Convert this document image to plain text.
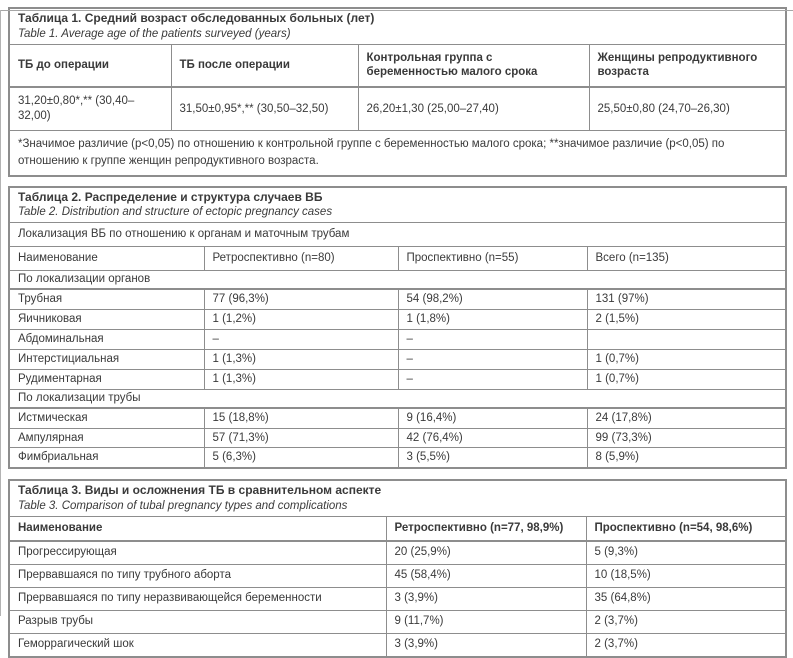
Таблица 1. Средний возраст обследованных больных (лет)
Table 1. Average age of the patients surveyed (years)			

ТБ до операции	ТБ после операции	Контрольная группа с беременностью малого срока	Женщины репродуктивного возраста
31,20±0,80*,** (30,40–32,00)	31,50±0,95*,** (30,50–32,50)	26,20±1,30 (25,00–27,40)	25,50±0,80 (24,70–26,30)
*Значимое различие (p<0,05) по отношению к контрольной группе с беременностью малого срока; **значимое различие (p<0,05) по отношению к группе женщин репродуктивного возраста.			
Таблица 2. Распределение и структура случаев ВБ
Table 2. Distribution and structure of ectopic pregnancy cases			

Локализация ВБ по отношению к органам и маточным трубам			
Наименование	Ретроспективно (n=80)	Проспективно (n=55)	Всего (n=135)
По локализации органов			
Трубная	77 (96,3%)	54 (98,2%)	131 (97%)
Яичниковая	1 (1,2%)	1 (1,8%)	2 (1,5%)
Абдоминальная	–	–	
Интерстициальная	1 (1,3%)	–	1 (0,7%)
Рудиментарная	1 (1,3%)	–	1 (0,7%)
По локализации трубы			
Истмическая	15 (18,8%)	9 (16,4%)	24 (17,8%)
Ампулярная	57 (71,3%)	42 (76,4%)	99 (73,3%)
Фимбриальная	5 (6,3%)	3 (5,5%)	8 (5,9%)
Таблица 3. Виды и осложнения ТБ в сравнительном аспекте
Table 3. Comparison of tubal pregnancy types and complications		

Наименование	Ретроспективно (n=77, 98,9%)	Проспективно (n=54, 98,6%)
Прогрессирующая	20 (25,9%)	5 (9,3%)
Прервавшаяся по типу трубного аборта	45 (58,4%)	10 (18,5%)
Прервавшаяся по типу неразвивающейся беременности	3 (3,9%)	35 (64,8%)
Разрыв трубы	9 (11,7%)	2 (3,7%)
Геморрагический шок	3 (3,9%)	2 (3,7%)
